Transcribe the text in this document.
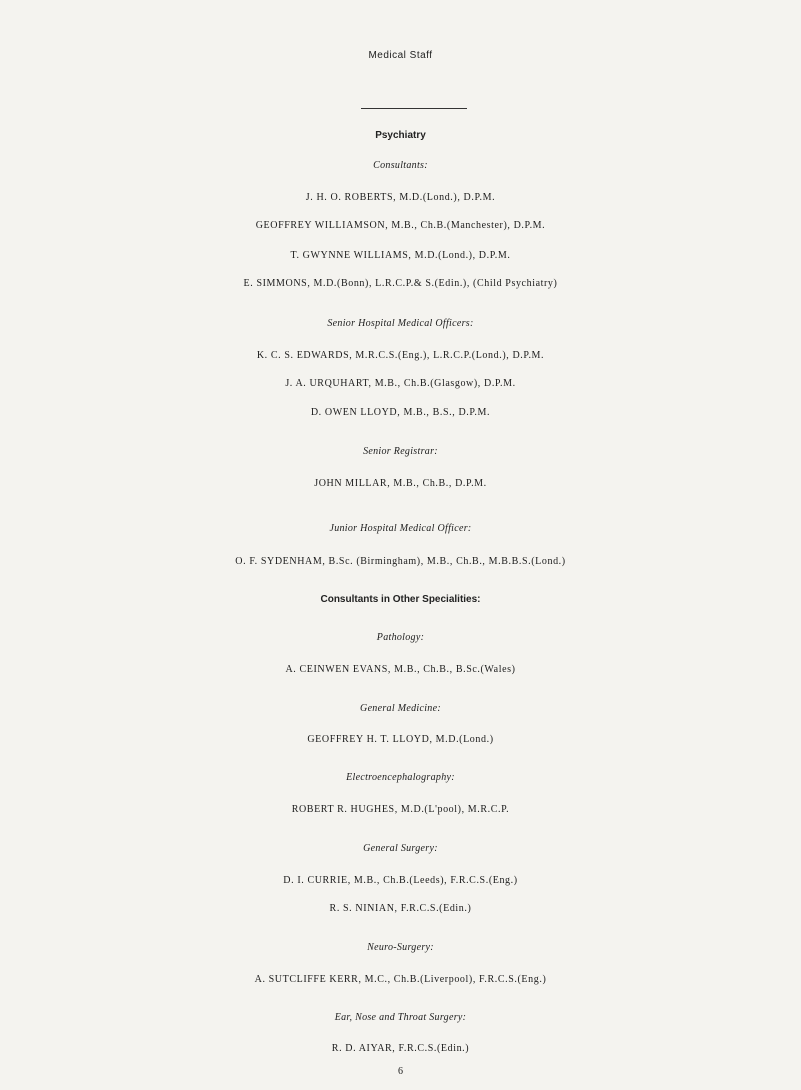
Medical Staff
Psychiatry
Consultants:
J. H. O. ROBERTS, M.D.(Lond.), D.P.M.
GEOFFREY WILLIAMSON, M.B., Ch.B.(Manchester), D.P.M.
T. GWYNNE WILLIAMS, M.D.(Lond.), D.P.M.
E. SIMMONS, M.D.(Bonn), L.R.C.P.& S.(Edin.), (Child Psychiatry)
Senior Hospital Medical Officers:
K. C. S. EDWARDS, M.R.C.S.(Eng.), L.R.C.P.(Lond.), D.P.M.
J. A. URQUHART, M.B., Ch.B.(Glasgow), D.P.M.
D. OWEN LLOYD, M.B., B.S., D.P.M.
Senior Registrar:
JOHN MILLAR, M.B., Ch.B., D.P.M.
Junior Hospital Medical Officer:
O. F. SYDENHAM, B.Sc. (Birmingham), M.B., Ch.B., M.B.B.S.(Lond.)
Consultants in Other Specialities:
Pathology:
A. CEINWEN EVANS, M.B., Ch.B., B.Sc.(Wales)
General Medicine:
GEOFFREY H. T. LLOYD, M.D.(Lond.)
Electroencephalography:
ROBERT R. HUGHES, M.D.(L'pool), M.R.C.P.
General Surgery:
D. I. CURRIE, M.B., Ch.B.(Leeds), F.R.C.S.(Eng.)
R. S. NINIAN, F.R.C.S.(Edin.)
Neuro-Surgery:
A. SUTCLIFFE KERR, M.C., Ch.B.(Liverpool), F.R.C.S.(Eng.)
Ear, Nose and Throat Surgery:
R. D. AIYAR, F.R.C.S.(Edin.)
6
